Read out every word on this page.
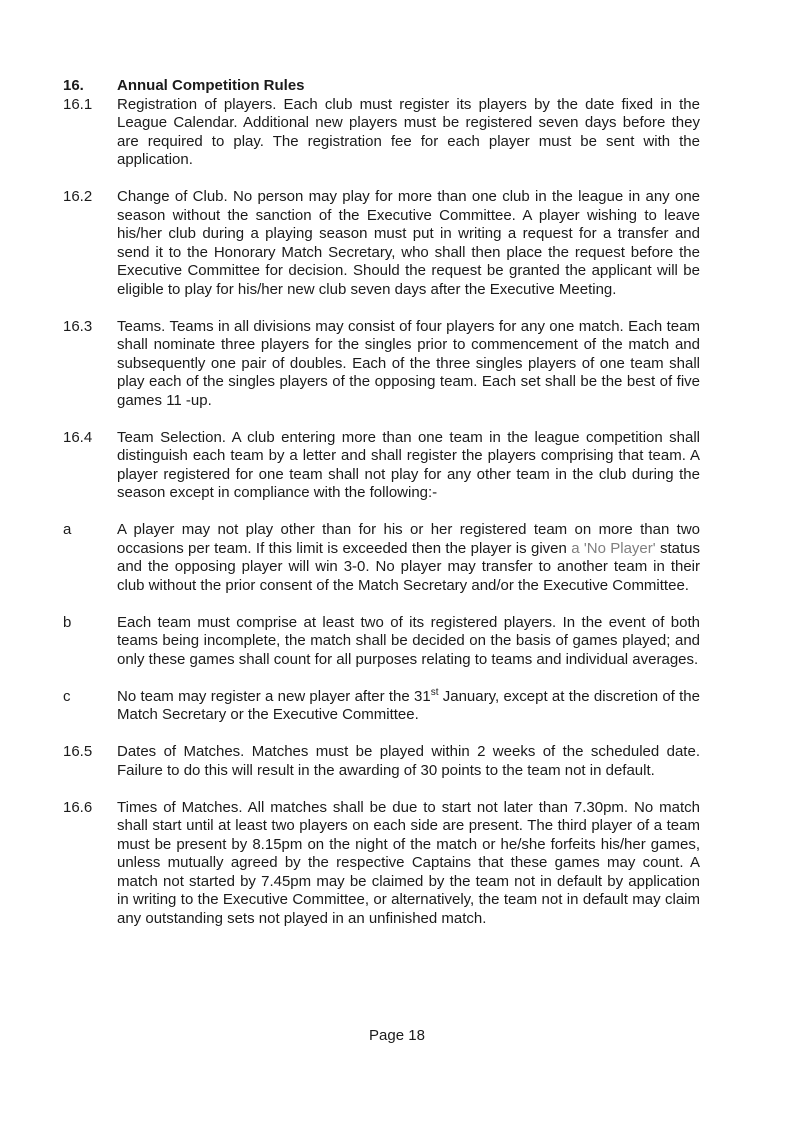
16.	Annual Competition Rules
16.1	Registration of players. Each club must register its players by the date fixed in the League Calendar. Additional new players must be registered seven days before they are required to play. The registration fee for each player must be sent with the application.
16.2	Change of Club. No person may play for more than one club in the league in any one season without the sanction of the Executive Committee. A player wishing to leave his/her club during a playing season must put in writing a request for a transfer and send it to the Honorary Match Secretary, who shall then place the request before the Executive Committee for decision. Should the request be granted the applicant will be eligible to play for his/her new club seven days after the Executive Meeting.
16.3	Teams. Teams in all divisions may consist of four players for any one match. Each team shall nominate three players for the singles prior to commencement of the match and subsequently one pair of doubles. Each of the three singles players of one team shall play each of the singles players of the opposing team. Each set shall be the best of five games 11 -up.
16.4	Team Selection. A club entering more than one team in the league competition shall distinguish each team by a letter and shall register the players comprising that team. A player registered for one team shall not play for any other team in the club during the season except in compliance with the following:-
a	A player may not play other than for his or her registered team on more than two occasions per team. If this limit is exceeded then the player is given a 'No Player' status and the opposing player will win 3-0. No player may transfer to another team in their club without the prior consent of the Match Secretary and/or the Executive Committee.
b	Each team must comprise at least two of its registered players. In the event of both teams being incomplete, the match shall be decided on the basis of games played; and only these games shall count for all purposes relating to teams and individual averages.
c	No team may register a new player after the 31st January, except at the discretion of the Match Secretary or the Executive Committee.
16.5	Dates of Matches. Matches must be played within 2 weeks of the scheduled date. Failure to do this will result in the awarding of 30 points to the team not in default.
16.6	Times of Matches. All matches shall be due to start not later than 7.30pm. No match shall start until at least two players on each side are present. The third player of a team must be present by 8.15pm on the night of the match or he/she forfeits his/her games, unless mutually agreed by the respective Captains that these games may count. A match not started by 7.45pm may be claimed by the team not in default by application in writing to the Executive Committee, or alternatively, the team not in default may claim any outstanding sets not played in an unfinished match.
Page 18
